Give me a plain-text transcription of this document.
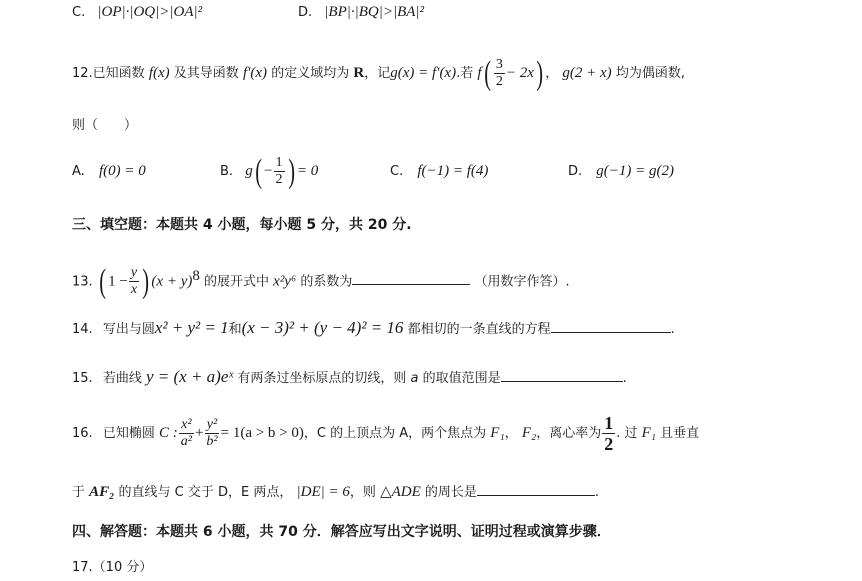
C. |OP|·|OQ|>|OA|²	D. |BP|·|BQ|>|BA|²
12.已知函数 f(x) 及其导函数 f′(x) 的定义域均为 R，记g(x) = f′(x).若 $f( \frac{3}{2} - 2x)$ ， g(2 + x) 均为偶函数,
则（　　）
A. f(0) = 0	B. $g( - \frac{1}{2}$ ) = 0	C. f(−1) = f(4)	D. g(−1) = g(2)
三、填空题：本题共 4 小题，每小题 5 分，共 20 分.
13. ( $1 - \frac{y}{x}$ ) $(x + y)^8$ 的展开式中 x²y⁶ 的系数为	（用数字作答）.
14. 写出与圆x² + y² = 1和(x − 3)² + (y − 4)² = 16 都相切的一条直线的方程	.
15. 若曲线 y = (x + a)eˣ 有两条过坐标原点的切线，则 a 的取值范围是	.
16. 已知椭圆 C : $\frac{\text{x²}}{\text{a²}} + \frac{\text{y²}}{\text{b²}} = 1(a > b > 0)$，C 的上顶点为 A，两个焦点为 F₁， F₂，离心率为 $\frac{1}{2}$ . 过 F₁ 且垂直
于 AF₂ 的直线与 C 交于 D，E 两点， |DE| = 6，则 △ADE 的周长是	.
四、解答题：本题共 6 小题，共 70 分．解答应写出文字说明、证明过程或演算步骤．
17.（10 分）
